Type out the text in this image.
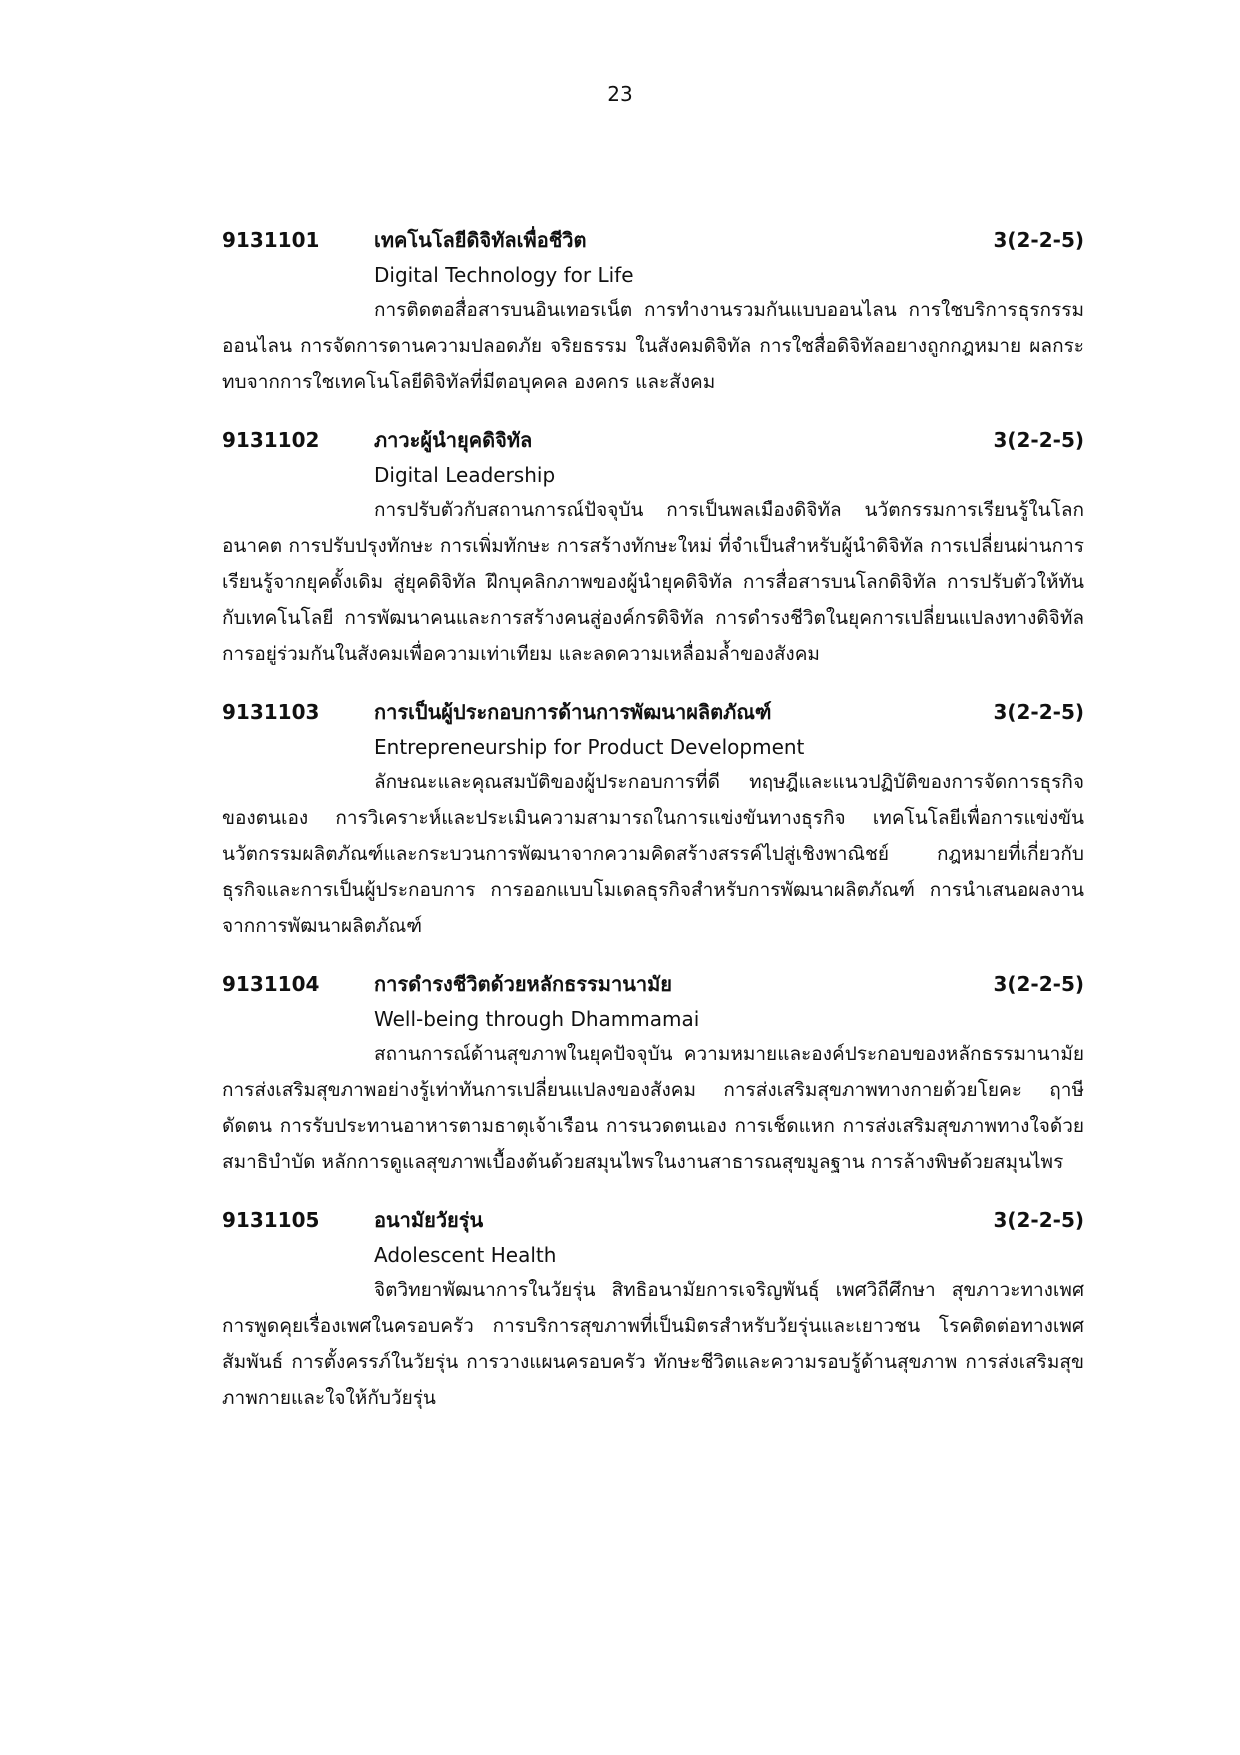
23
9131101	เทคโนโลยีดิจิทัลเพื่อชีวิต	3(2-2-5)
Digital Technology for Life

การติดตอสื่อสารบนอินเทอรเน็ต การทํางานรวมกันแบบออนไลน การใชบริการธุรกรรมออนไลน การจัดการดานความปลอดภัย จริยธรรม ในสังคมดิจิทัล การใชสื่อดิจิทัลอยางถูกกฎหมาย ผลกระทบจากการใชเทคโนโลยีดิจิทัลที่มีตอบุคคล องคกร และสังคม

9131102	ภาวะผู้นำยุคดิจิทัล	3(2-2-5)
Digital Leadership

การปรับตัวกับสถานการณ์ปัจจุบัน การเป็นพลเมืองดิจิทัล นวัตกรรมการเรียนรู้ในโลกอนาคต การปรับปรุงทักษะ การเพิ่มทักษะ การสร้างทักษะใหม่ ที่จำเป็นสำหรับผู้นำดิจิทัล การเปลี่ยนผ่านการเรียนรู้จากยุคดั้งเดิม สู่ยุคดิจิทัล ฝึกบุคลิกภาพของผู้นำยุคดิจิทัล การสื่อสารบนโลกดิจิทัล การปรับตัวให้ทันกับเทคโนโลยี การพัฒนาคนและการสร้างคนสู่องค์กรดิจิทัล การดำรงชีวิตในยุคการเปลี่ยนแปลงทางดิจิทัล การอยู่ร่วมกันในสังคมเพื่อความเท่าเทียม และลดความเหลื่อมล้ำของสังคม

9131103	การเป็นผู้ประกอบการด้านการพัฒนาผลิตภัณฑ์	3(2-2-5)
Entrepreneurship for Product Development

ลักษณะและคุณสมบัติของผู้ประกอบการที่ดี ทฤษฎีและแนวปฏิบัติของการจัดการธุรกิจของตนเอง การวิเคราะห์และประเมินความสามารถในการแข่งขันทางธุรกิจ เทคโนโลยีเพื่อการแข่งขัน นวัตกรรมผลิตภัณฑ์และกระบวนการพัฒนาจากความคิดสร้างสรรค์ไปสู่เชิงพาณิชย์ กฎหมายที่เกี่ยวกับธุรกิจและการเป็นผู้ประกอบการ การออกแบบโมเดลธุรกิจสำหรับการพัฒนาผลิตภัณฑ์ การนำเสนอผลงานจากการพัฒนาผลิตภัณฑ์

9131104	การดำรงชีวิตด้วยหลักธรรมานามัย	3(2-2-5)
Well-being through Dhammamai

สถานการณ์ด้านสุขภาพในยุคปัจจุบัน ความหมายและองค์ประกอบของหลักธรรมานามัย การส่งเสริมสุขภาพอย่างรู้เท่าทันการเปลี่ยนแปลงของสังคม การส่งเสริมสุขภาพทางกายด้วยโยคะ ฤาษีดัดตน การรับประทานอาหารตามธาตุเจ้าเรือน การนวดตนเอง การเช็ดแหก การส่งเสริมสุขภาพทางใจด้วยสมาธิบำบัด หลักการดูแลสุขภาพเบื้องต้นด้วยสมุนไพรในงานสาธารณสุขมูลฐาน การล้างพิษด้วยสมุนไพร

9131105	อนามัยวัยรุ่น	3(2-2-5)
Adolescent Health

จิตวิทยาพัฒนาการในวัยรุ่น สิทธิอนามัยการเจริญพันธุ์ เพศวิถีศึกษา สุขภาวะทางเพศ การพูดคุยเรื่องเพศในครอบครัว การบริการสุขภาพที่เป็นมิตรสำหรับวัยรุ่นและเยาวชน โรคติดต่อทางเพศสัมพันธ์ การตั้งครรภ์ในวัยรุ่น การวางแผนครอบครัว ทักษะชีวิตและความรอบรู้ด้านสุขภาพ การส่งเสริมสุขภาพกายและใจให้กับวัยรุ่น
